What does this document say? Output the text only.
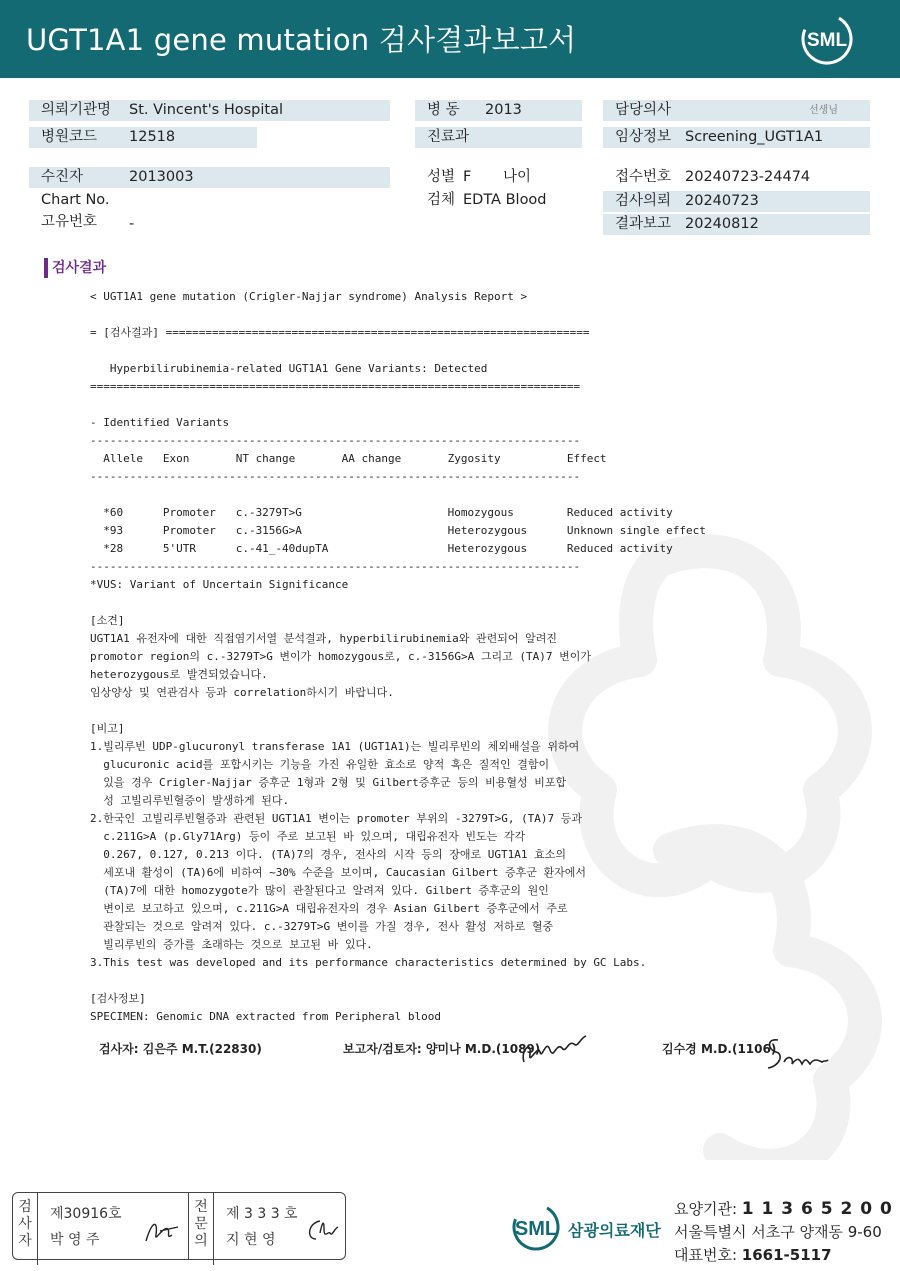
UGT1A1 gene mutation 검사결과보고서	SML
의뢰기관명 St. Vincent's Hospital
병원코드 12518
수진자	2013003
Chart No.
고유번호 -
병 동 2013
진료과
성별 F 나이
검체 EDTA Blood
담당의사	선생님
임상정보 Screening_UGT1A1
접수번호 20240723-24474
검사의뢰 20240723
결과보고 20240812
검사결과
< UGT1A1 gene mutation (Crigler-Najjar syndrome) Analysis Report >
= [검사결과] ================================================================
Hyperbilirubinemia-related UGT1A1 Gene Variants: Detected
==========================================================================
- Identified Variants
--------------------------------------------------------------------------
Allele   Exon       NT change       AA change       Zygosity          Effect
--------------------------------------------------------------------------
*60      Promoter   c.-3279T>G                      Homozygous        Reduced activity
*93      Promoter   c.-3156G>A                      Heterozygous      Unknown single effect
*28      5'UTR      c.-41_-40dupTA                  Heterozygous      Reduced activity
--------------------------------------------------------------------------
*VUS: Variant of Uncertain Significance
[소견]
UGT1A1 유전자에 대한 직접염기서열 분석결과, hyperbilirubinemia와 관련되어 알려진
promotor region의 c.-3279T>G 변이가 homozygous로, c.-3156G>A 그리고 (TA)7 변이가
heterozygous로 발견되었습니다.
임상양상 및 연관검사 등과 correlation하시기 바랍니다.
[비고]
1.빌리루빈 UDP-glucuronyl transferase 1A1 (UGT1A1)는 빌리루빈의 체외배설을 위하여
glucuronic acid를 포합시키는 기능을 가진 유일한 효소로 양적 혹은 질적인 결함이
있을 경우 Crigler-Najjar 증후군 1형과 2형 및 Gilbert증후군 등의 비용혈성 비포합
성 고빌리루빈혈증이 발생하게 된다.
2.한국인 고빌리루빈혈증과 관련된 UGT1A1 변이는 promoter 부위의 -3279T>G, (TA)7 등과
c.211G>A (p.Gly71Arg) 등이 주로 보고된 바 있으며, 대립유전자 빈도는 각각
0.267, 0.127, 0.213 이다. (TA)7의 경우, 전사의 시작 등의 장애로 UGT1A1 효소의
세포내 활성이 (TA)6에 비하여 ~30% 수준을 보이며, Caucasian Gilbert 증후군 환자에서
(TA)7에 대한 homozygote가 많이 관찰된다고 알려져 있다. Gilbert 증후군의 원인
변이로 보고하고 있으며, c.211G>A 대립유전자의 경우 Asian Gilbert 증후군에서 주로
관찰되는 것으로 알려져 있다. c.-3279T>G 변이를 가질 경우, 전사 활성 저하로 혈중
빌리루빈의 증가를 초래하는 것으로 보고된 바 있다.
3.This test was developed and its performance characteristics determined by GC Labs.
[검사정보]
SPECIMEN: Genomic DNA extracted from Peripheral blood
검사자: 김은주 M.T.(22830)	보고자/검토자: 양미나 M.D.(1089)	김수경 M.D.(1106)
검
사
자
제30916호
박 영 주
전
문
의
제 3 3 3 호
지 현 영	SML 삼광의료재단
요양기관: 1 1 3 6 5 2 0 0
서울특별시 서초구 양재동 9-60
대표번호: 1661-5117
